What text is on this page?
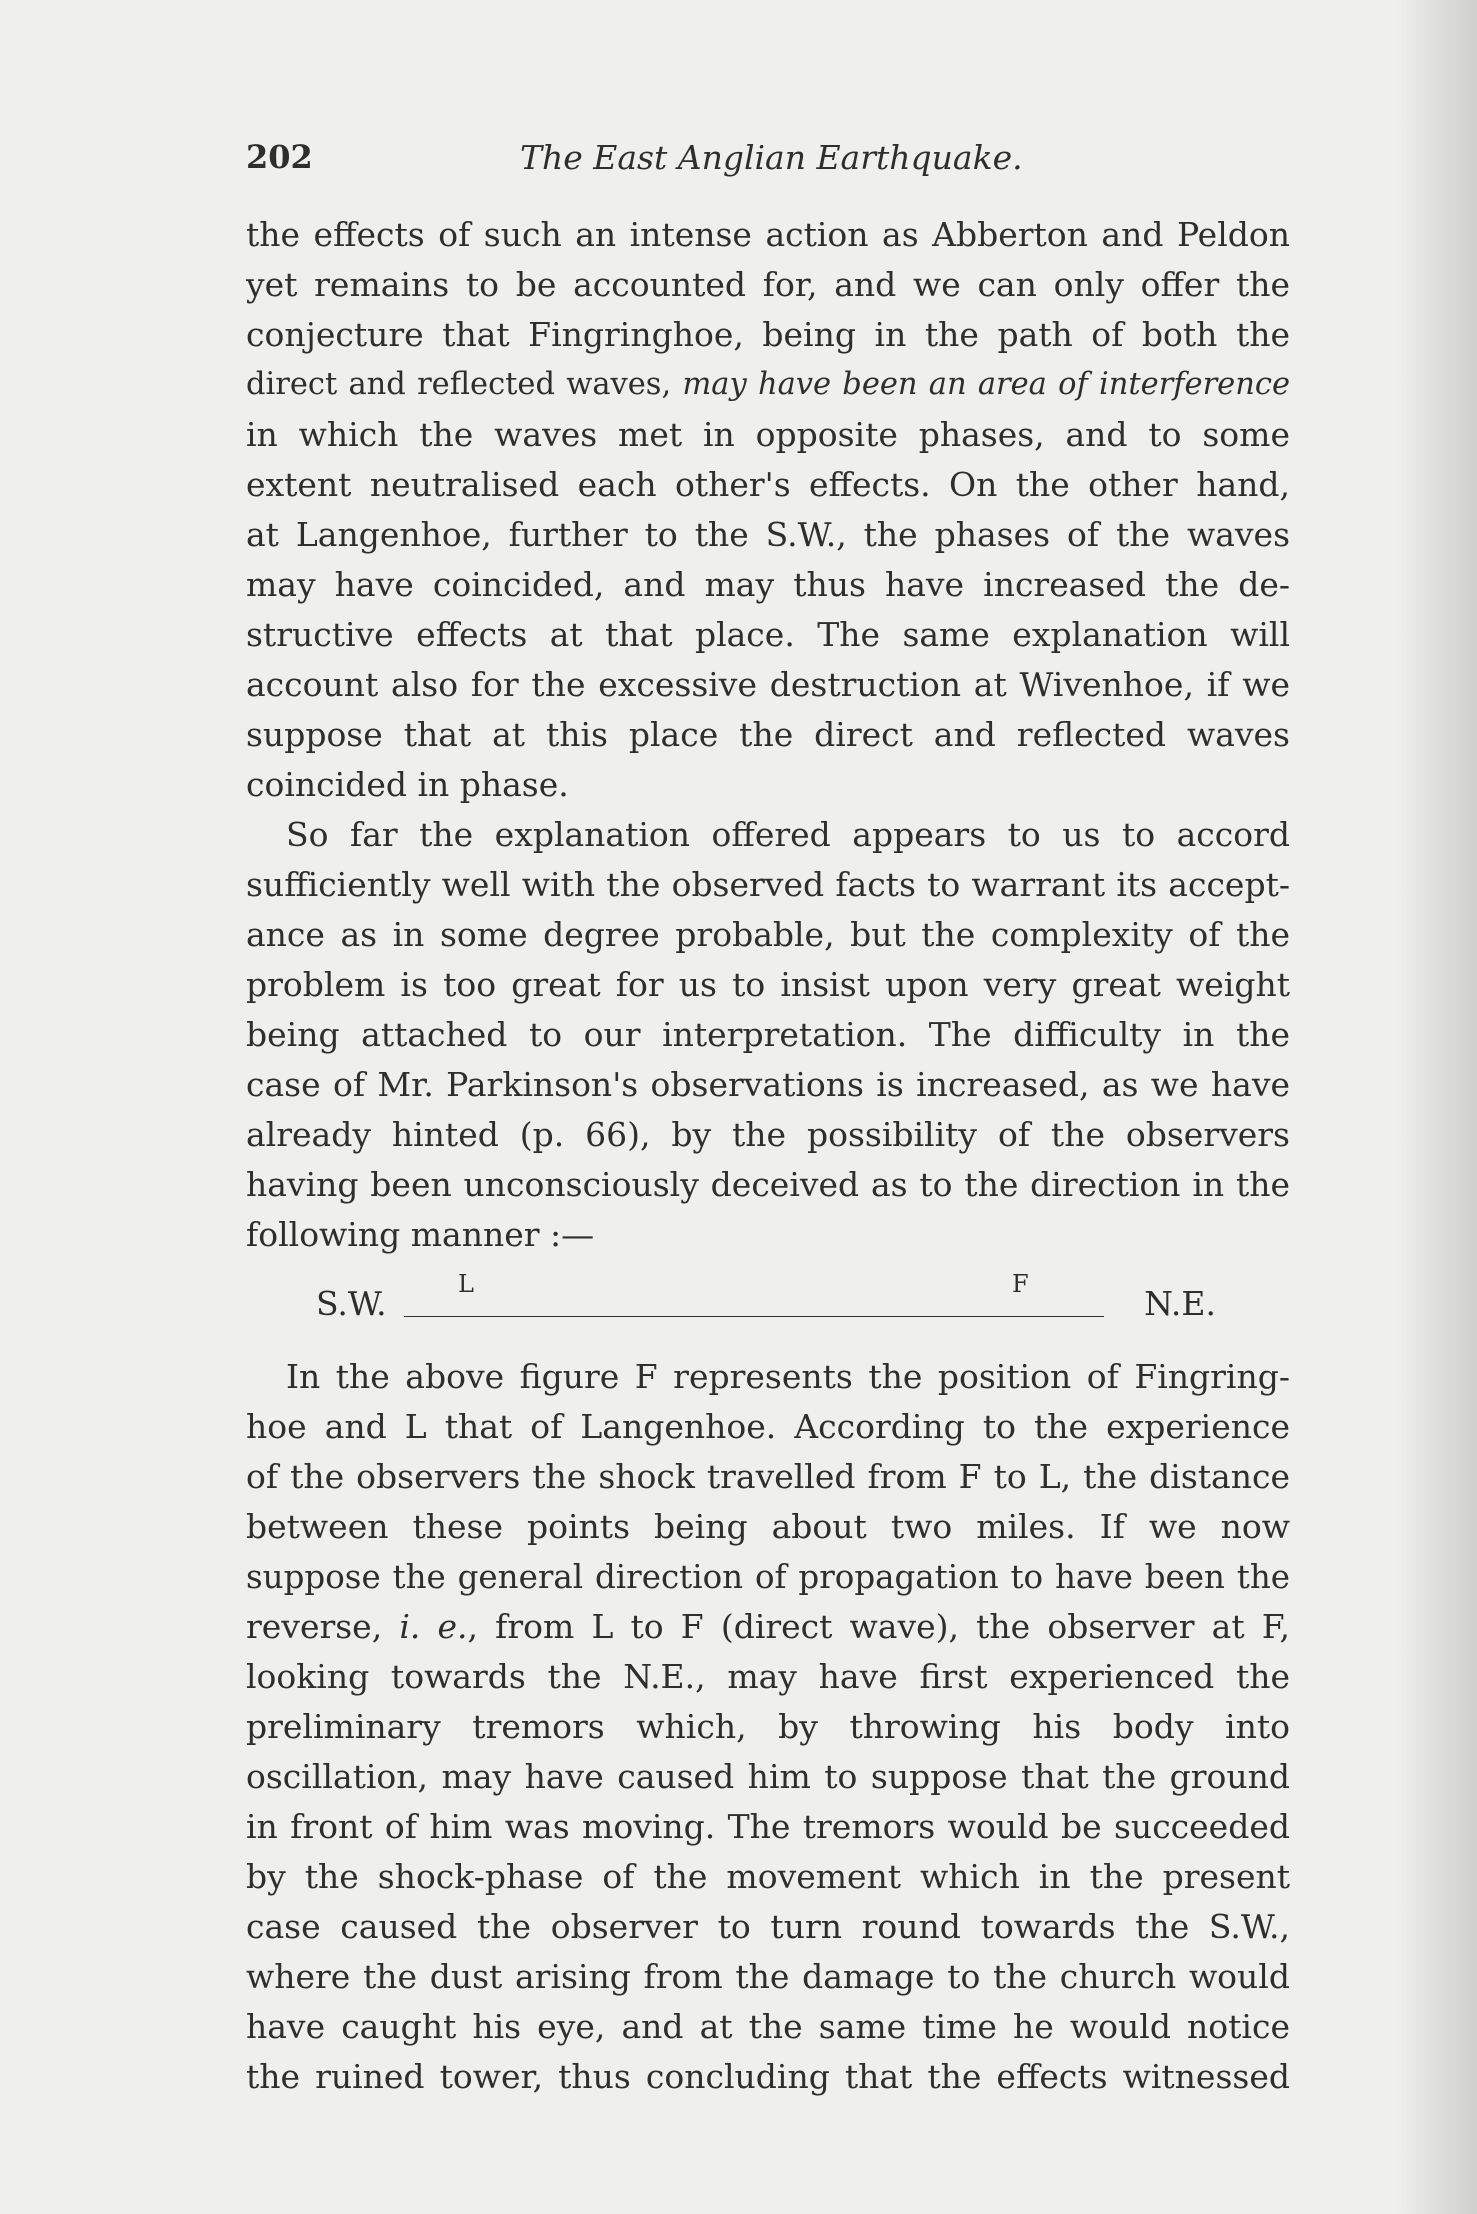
202	The East Anglian Earthquake.
the effects of such an intense action as Abberton and Peldon
yet remains to be accounted for, and we can only offer the
conjecture that Fingringhoe, being in the path of both the
direct and reflected waves, may have been an area of interference
in which the waves met in opposite phases, and to some
extent neutralised each other's effects. On the other hand,
at Langenhoe, further to the S.W., the phases of the waves
may have coincided, and may thus have increased the de-
structive effects at that place. The same explanation will
account also for the excessive destruction at Wivenhoe, if we
suppose that at this place the direct and reflected waves
coincided in phase.
So far the explanation offered appears to us to accord
sufficiently well with the observed facts to warrant its accept-
ance as in some degree probable, but the complexity of the
problem is too great for us to insist upon very great weight
being attached to our interpretation. The difficulty in the
case of Mr. Parkinson's observations is increased, as we have
already hinted (p. 66), by the possibility of the observers
having been unconsciously deceived as to the direction in the
following manner :—
S.W.	L	F	N.E.
In the above figure F represents the position of Fingring-
hoe and L that of Langenhoe. According to the experience
of the observers the shock travelled from F to L, the distance
between these points being about two miles. If we now
suppose the general direction of propagation to have been the
reverse, i. e., from L to F (direct wave), the observer at F,
looking towards the N.E., may have first experienced the
preliminary tremors which, by throwing his body into
oscillation, may have caused him to suppose that the ground
in front of him was moving. The tremors would be succeeded
by the shock-phase of the movement which in the present
case caused the observer to turn round towards the S.W.,
where the dust arising from the damage to the church would
have caught his eye, and at the same time he would notice
the ruined tower, thus concluding that the effects witnessed
